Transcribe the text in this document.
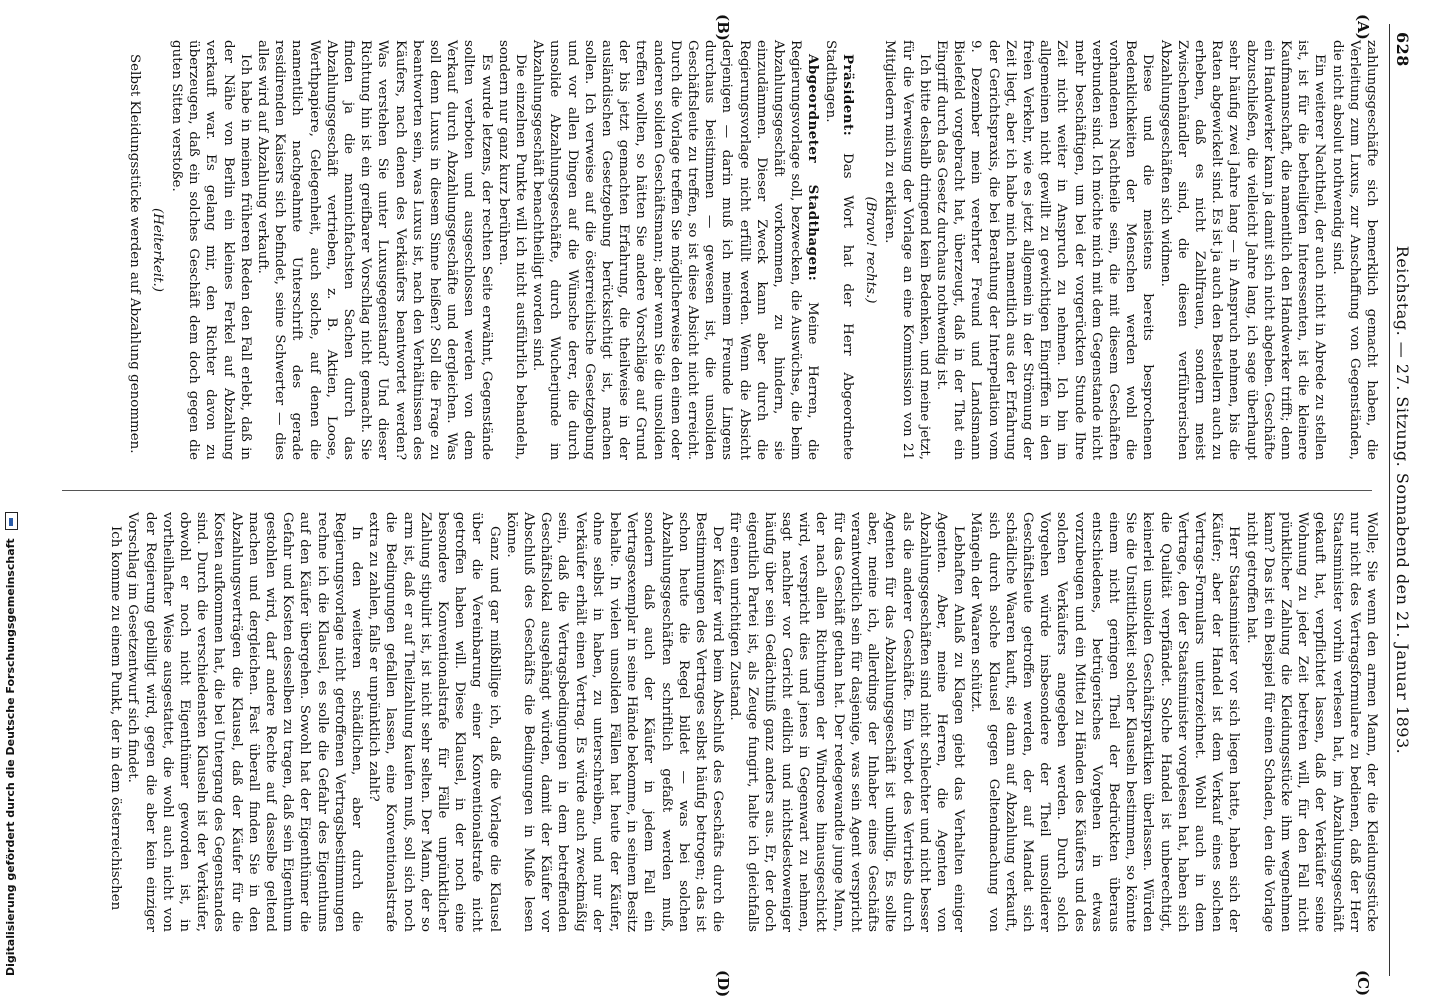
628
Reichstag. — 27. Sitzung. Sonnabend den 21. Januar 1893.
(A)
(B)
(C)
(D)

zahlungsgeschäfte sich bemerklich gemacht haben, die Verleitung zum Luxus, zur Anschaffung von Gegenständen, die nicht absolut nothwendig sind.

Ein weiterer Nachtheil, der auch nicht in Abrede zu stellen ist, ist für die betheiligten Interessenten, ist die kleinere Kaufmannschaft, die namentlich den Handwerker trifft; denn ein Handwerker kann ja damit sich nicht abgeben. Geschäfte abzuschließen, die vielleicht Jahre lang, ich sage überhaupt sehr häufig zwei Jahre lang — in Anspruch nehmen, bis die Raten abgewickelt sind. Es ist ja auch den Bestellern auch zu erheben, daß es nicht Zahlfrauen, sondern meist Zwischenhändler sind, die diesen verführerischen Abzahlungsgeschäften sich widmen.

Diese und die meistens bereits besprochenen Bedenklichkeiten der Menschen werden wohl die vorhandenen Nachtheile sein, die mit diesem Geschäften verbunden sind. Ich möchte mich mit dem Gegenstande nicht mehr beschäftigen, um bei der vorgerückten Stunde Ihre Zeit nicht weiter in Anspruch zu nehmen. Ich bin im allgemeinen nicht gewillt zu gewichtigen Eingriffen in den freien Verkehr, wie es jetzt allgemein in der Strömung der Zeit liegt, aber ich habe mich namentlich aus der Erfahrung der Gerichtspraxis, die bei Berathung der Interpellation vom 9. Dezember mein verehrter Freund und Landsmann Bielefeld vorgebracht hat, überzeugt, daß in der That ein Eingriff durch das Gesetz durchaus nothwendig ist.

Ich bitte deshalb dringend kein Bedenken, und meine jetzt, für die Verweisung der Vorlage an eine Kommission von 21 Mitgliedern mich zu erklären.

(Bravo! rechts.)

Präsident: Das Wort hat der Herr Abgeordnete Stadthagen.

Abgeordneter Stadthagen: Meine Herren, die Regierungsvorlage soll, bezwecken, die Auswüchse, die beim Abzahlungsgeschäft vorkommen, zu hindern, sie einzudämmen. Dieser Zweck kann aber durch die Regierungsvorlage nicht erfüllt werden. Wenn die Absicht derjenigen — darin muß ich meinem Freunde Lingens durchaus beistimmen — gewesen ist, die unsoliden Geschäftsleute zu treffen, so ist diese Absicht nicht erreicht. Durch die Vorlage treffen Sie möglicherweise den einen oder anderen soliden Geschäftsmann; aber wenn Sie die unsoliden treffen wollten, so hätten Sie andere Vorschläge auf Grund der bis jetzt gemachten Erfahrung, die theilweise in der ausländischen Gesetzgebung berücksichtigt ist, machen sollen. Ich verweise auf die österreichische Gesetzgebung und vor allen Dingen auf die Wünsche derer, die durch unsolide Abzahlungsgeschäfte, durch Wucherjunde im Abzahlungsgeschäft benachtheiligt worden sind.

Die einzelnen Punkte will ich nicht ausführlich behandeln, sondern nur ganz kurz berühren.

Es wurde letzens, der rechten Seite erwähnt, Gegenstände sollten verboten und ausgeschlossen werden von dem Verkauf durch Abzahlungsgeschäfte und dergleichen. Was soll denn Luxus in diesem Sinne heißen? Soll die Frage zu beantworten sein, was Luxus ist, nach den Verhältnissen des Käufers, nach denen des Verkäufers beantwortet werden? Was verstehen Sie unter Luxusgegenstand? Und dieser Richtung hin ist ein greifbarer Vorschlag nicht gemacht. Sie finden ja die mannichfachsten Sachen durch das Abzahlungsgeschäft vertrieben, z. B. Aktien, Loose, Werthpapiere, Gelegenheit, auch solche, auf denen die namentlich nachgeahmte Unterschrift des gerade residirenden Kaisers sich befindet, seine Schwerter — dies alles wird auf Abzahlung verkauft.

Ich habe in meinen früheren Reden den Fall erlebt, daß in der Nähe von Berlin ein kleines Ferkel auf Abzahlung verkauft war. Es gelang mir, den Richter davon zu überzeugen, daß ein solches Geschäft dem doch gegen die guten Sitten verstoße.

(Heiterkeit.)

Selbst Kleidungsstücke werden auf Abzahlung genommen.

Wolle; Sie wenn den armen Mann, der die Kleidungsstücke nur nicht des Vertragsformulare zu bedienen, daß der Herr Staatsminister vorhin verlesen hat, im Abzahlungsgeschäft gekauft hat, verpflichtet lassen, daß der Verkäufer seine Wohnung zu jeder Zeit betreten will, für den Fall nicht pünktlicher Zahlung die Kleidungsstücke ihm wegnehmen kann? Das ist ein Beispiel für einen Schaden, den die Vorlage nicht getroffen hat.

Herr Staatsminister vor sich liegen hatte, haben sich der Käufer; aber der Handel ist dem Verkauf eines solchen Vertrags-Formulars unterzeichnet. Wohl auch in dem Vertrage, den der Staatsminister vorgelesen hat, haben sich die Qualität verpfändet. Solche Handel ist unberechtigt, keinerlei unsoliden Geschäftspraktiken überlassen. Würden Sie die Unsittlichkeit solcher Klauseln bestimmen, so könnte einem nicht geringen Theil der Bedrückten überaus entschiedenes, betrügerisches Vorgehen in etwas vorzubeugen und ein Mittel zu Händen des Käufers und des solchen Verkäufers angegeben werden. Durch solch Vorgehen würde insbesondere der Theil unsoliderer Geschäftsleute getroffen werden, der auf Mandat sich schädliche Waaren kauft, sie dann auf Abzahlung verkauft, sich durch solche Klausel gegen Geltendmachung von Mängeln der Waaren schützt.

Lebhaften Anlaß zu Klagen giebt das Verhalten einiger Agenten. Aber, meine Herren, die Agenten von Abzahlungsgeschäften sind nicht schlechter und nicht besser als die anderer Geschäfte. Ein Verbot des Vertriebs durch Agenten für das Abzahlungsgeschäft ist unbillig. Es sollte aber, meine ich, allerdings der Inhaber eines Geschäfts verantwortlich sein für dasjenige, was sein Agent verspricht für das Geschäft gethan hat. Der redegewandte junge Mann, der nach allen Richtungen der Windrose hinausgeschickt wird, verspricht dies und jenes in Gegenwart zu nehmen, sagt nachher vor Gericht eidlich und nichtsdestoweniger häufig über sein Gedächtniß ganz anders aus. Er, der doch eigentlich Partei ist, als Zeuge fungirt, halte ich gleichfalls für einen unrichtigen Zustand.

Der Käufer wird beim Abschluß des Geschäfts durch die Bestimmungen des Vertrages selbst häufig betrogen; das ist schon heute die Regel bildet — was bei solchen Abzahlungsgeschäften schriftlich gefaßt werden muß, sondern daß auch der Käufer in jedem Fall ein Vertragsexemplar in seine Hände bekomme, in seinem Besitz behalte. In vielen unsoliden Fällen hat heute der Käufer, ohne selbst in haben, zu unterschreiben, und nur der Verkäufer erhält einen Vertrag. Es würde auch zweckmäßig sein, daß die Vertragsbedingungen in dem betreffenden Geschäftslokal ausgehängt würden, damit der Käufer vor Abschluß des Geschäfts die Bedingungen in Muße lesen könne.

Ganz und gar mißbillige ich, daß die Vorlage die Klausel über die Vereinbarung einer Konventionalstrafe nicht getroffen haben will. Diese Klausel, in der noch eine besondere Konventionalstrafe für Fälle unpünktlicher Zahlung stipulirt ist, ist nicht sehr selten. Der Mann, der so arm ist, daß er auf Theilzahlung kaufen muß, soll sich noch die Bedingungen gefallen lassen, eine Konventionalstrafe extra zu zahlen, falls er unpünktlich zahlt?

In den weiteren schädlichen, aber durch die Regierungsvorlage nicht getroffenen Vertragsbestimmungen rechne ich die Klausel, es solle die Gefahr des Eigenthums auf den Käufer übergehen. Sowohl hat der Eigenthümer die Gefahr und Kosten desselben zu tragen, daß sein Eigenthum gestohlen wird, darf andere Rechte auf dasselbe geltend machen und dergleichen. Fast überall finden Sie in den Abzahlungsverträgen die Klausel, daß der Käufer für die Kosten aufkommen hat, die bei Untergang des Gegenstandes sind. Durch die verschiedensten Klauseln ist der Verkäufer, obwohl er noch nicht Eigenthümer geworden ist, in vortheilhafter Weise ausgestattet, die wohl auch nicht von der Regierung gebilligt wird, gegen die aber kein einziger Vorschlag im Gesetzentwurf sich findet.

Ich komme zu einem Punkt, der in dem österreichischen

Digitalisierung gefördert durch die Deutsche Forschungsgemeinschaft
